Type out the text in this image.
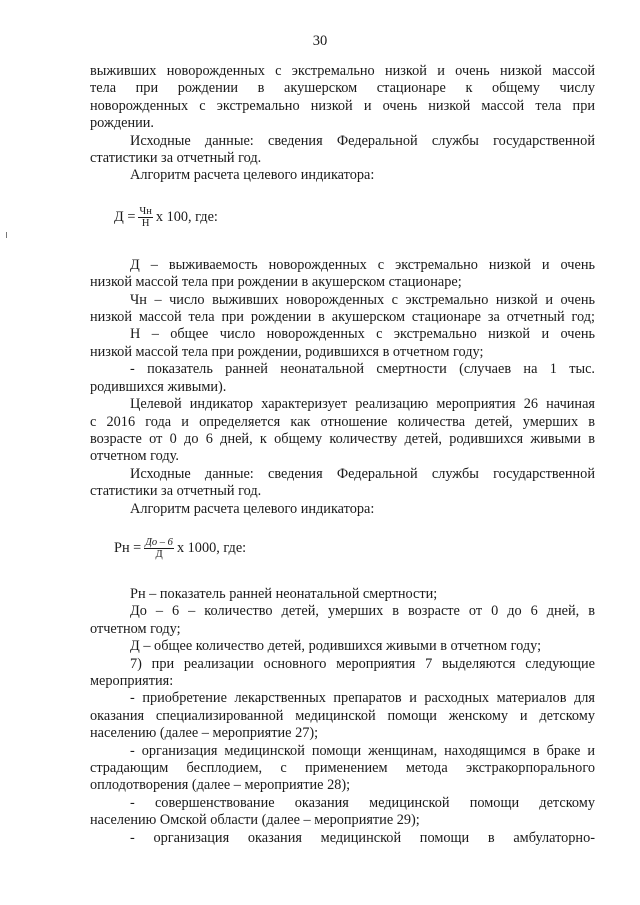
30

выживших новорожденных с экстремально низкой и очень низкой массой

тела при рождении в акушерском стационаре к общему числу

новорожденных с экстремально низкой и очень низкой массой тела при

рождении.

Исходные данные: сведения Федеральной службы государственной

статистики за отчетный год.

Алгоритм расчета целевого индикатора:

Д = Чн
Н х 100, где:

Д – выживаемость новорожденных с экстремально низкой и очень

низкой массой тела при рождении в акушерском стационаре;

Чн – число выживших новорожденных с экстремально низкой и очень

низкой массой тела при рождении в акушерском стационаре за отчетный год;

Н – общее число новорожденных с экстремально низкой и очень

низкой массой тела при рождении, родившихся в отчетном году;

- показатель ранней неонатальной смертности (случаев на 1 тыс.

родившихся живыми).

Целевой индикатор характеризует реализацию мероприятия 26 начиная

с 2016 года и определяется как отношение количества детей, умерших в

возрасте от 0 до 6 дней, к общему количеству детей, родившихся живыми в

отчетном году.

Исходные данные: сведения Федеральной службы государственной

статистики за отчетный год.

Алгоритм расчета целевого индикатора:

Рн = До – 6
Д х 1000, где:

Рн – показатель ранней неонатальной смертности;

До – 6 – количество детей, умерших в возрасте от 0 до 6 дней, в

отчетном году;

Д – общее количество детей, родившихся живыми в отчетном году;

7) при реализации основного мероприятия 7 выделяются следующие

мероприятия:

- приобретение лекарственных препаратов и расходных материалов для

оказания специализированной медицинской помощи женскому и детскому

населению (далее – мероприятие 27);

- организация медицинской помощи женщинам, находящимся в браке и

страдающим бесплодием, с применением метода экстракорпорального

оплодотворения (далее – мероприятие 28);

- совершенствование оказания медицинской помощи детскому

населению Омской области (далее – мероприятие 29);

- организация оказания медицинской помощи в амбулаторно-
